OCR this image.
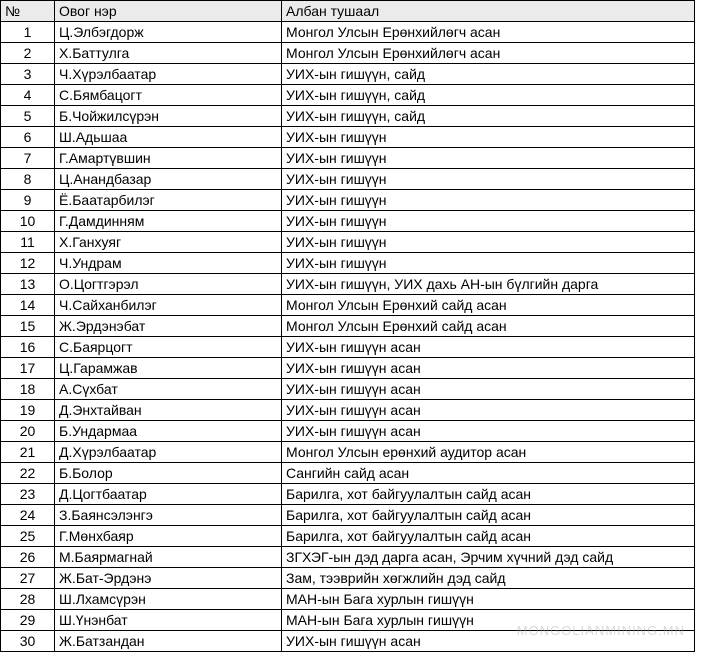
№	Овог нэр	Албан тушаал
1	Ц.Элбэгдорж	Монгол Улсын Ерөнхийлөгч асан
2	Х.Баттулга	Монгол Улсын Ерөнхийлөгч асан
3	Ч.Хүрэлбаатар	УИХ-ын гишүүн, сайд
4	С.Бямбацогт	УИХ-ын гишүүн, сайд
5	Б.Чойжилсүрэн	УИХ-ын гишүүн, сайд
6	Ш.Адьшаа	УИХ-ын гишүүн
7	Г.Амартүвшин	УИХ-ын гишүүн
8	Ц.Анандбазар	УИХ-ын гишүүн
9	Ё.Баатарбилэг	УИХ-ын гишүүн
10	Г.Дамдинням	УИХ-ын гишүүн
11	Х.Ганхуяг	УИХ-ын гишүүн
12	Ч.Ундрам	УИХ-ын гишүүн
13	О.Цогтгэрэл	УИХ-ын гишүүн, УИХ дахь АН-ын бүлгийн дарга
14	Ч.Сайханбилэг	Монгол Улсын Ерөнхий сайд асан
15	Ж.Эрдэнэбат	Монгол Улсын Ерөнхий сайд асан
16	С.Баярцогт	УИХ-ын гишүүн асан
17	Ц.Гарамжав	УИХ-ын гишүүн асан
18	А.Сүхбат	УИХ-ын гишүүн асан
19	Д.Энхтайван	УИХ-ын гишүүн асан
20	Б.Ундармаа	УИХ-ын гишүүн асан
21	Д.Хүрэлбаатар	Монгол Улсын ерөнхий аудитор асан
22	Б.Болор	Сангийн сайд асан
23	Д.Цогтбаатар	Барилга, хот байгуулалтын сайд асан
24	З.Баянсэлэнгэ	Барилга, хот байгуулалтын сайд асан
25	Г.Мөнхбаяр	Барилга, хот байгуулалтын сайд асан
26	М.Баярмагнай	ЗГХЭГ-ын дэд дарга асан, Эрчим хүчний дэд сайд
27	Ж.Бат-Эрдэнэ	Зам, тээврийн хөгжлийн дэд сайд
28	Ш.Лхамсүрэн	МАН-ын Бага хурлын гишүүн
29	Ш.Үнэнбат	МАН-ын Бага хурлын гишүүн
30	Ж.Батзандан	УИХ-ын гишүүн асан
MONGOLIANMINING.MN
